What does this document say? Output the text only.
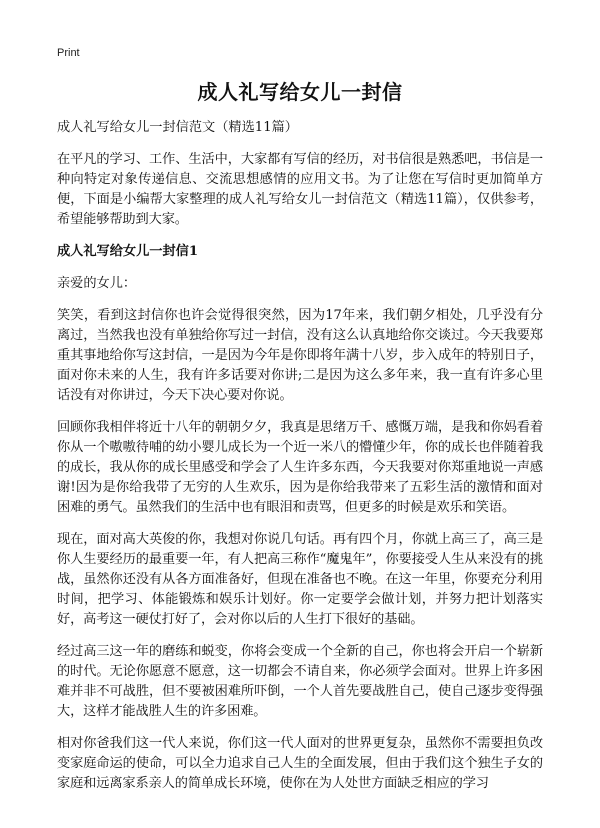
Print
成人礼写给女儿一封信

成人礼写给女儿一封信范文（精选11篇）

在平凡的学习、工作、生活中，大家都有写信的经历，对书信很是熟悉吧，书信是一种向特定对象传递信息、交流思想感情的应用文书。为了让您在写信时更加简单方便，下面是小编帮大家整理的成人礼写给女儿一封信范文（精选11篇），仅供参考，希望能够帮助到大家。

成人礼写给女儿一封信1

亲爱的女儿：

笑笑，看到这封信你也许会觉得很突然，因为17年来，我们朝夕相处，几乎没有分离过，当然我也没有单独给你写过一封信，没有这么认真地给你交谈过。今天我要郑重其事地给你写这封信，一是因为今年是你即将年满十八岁，步入成年的特别日子，面对你未来的人生，我有许多话要对你讲;二是因为这么多年来，我一直有许多心里话没有对你讲过，今天下决心要对你说。

回顾你我相伴将近十八年的朝朝夕夕，我真是思绪万千、感慨万端，是我和你妈看着你从一个嗷嗷待哺的幼小婴儿成长为一个近一米八的懵懂少年，你的成长也伴随着我的成长，我从你的成长里感受和学会了人生许多东西，今天我要对你郑重地说一声感谢!因为是你给我带了无穷的人生欢乐，因为是你给我带来了五彩生活的激情和面对困难的勇气。虽然我们的生活中也有眼泪和责骂，但更多的时候是欢乐和笑语。

现在，面对高大英俊的你，我想对你说几句话。再有四个月，你就上高三了，高三是你人生要经历的最重要一年，有人把高三称作“魔鬼年”，你要接受人生从来没有的挑战，虽然你还没有从各方面准备好，但现在准备也不晚。在这一年里，你要充分利用时间，把学习、体能锻炼和娱乐计划好。你一定要学会做计划，并努力把计划落实好，高考这一硬仗打好了，会对你以后的人生打下很好的基础。

经过高三这一年的磨练和蜕变，你将会变成一个全新的自己，你也将会开启一个崭新的时代。无论你愿意不愿意，这一切都会不请自来，你必须学会面对。世界上许多困难并非不可战胜，但不要被困难所吓倒，一个人首先要战胜自己，使自己逐步变得强大，这样才能战胜人生的许多困难。

相对你爸我们这一代人来说，你们这一代人面对的世界更复杂，虽然你不需要担负改变家庭命运的使命，可以全力追求自己人生的全面发展，但由于我们这个独生子女的家庭和远离家系亲人的简单成长环境，使你在为人处世方面缺乏相应的学习
